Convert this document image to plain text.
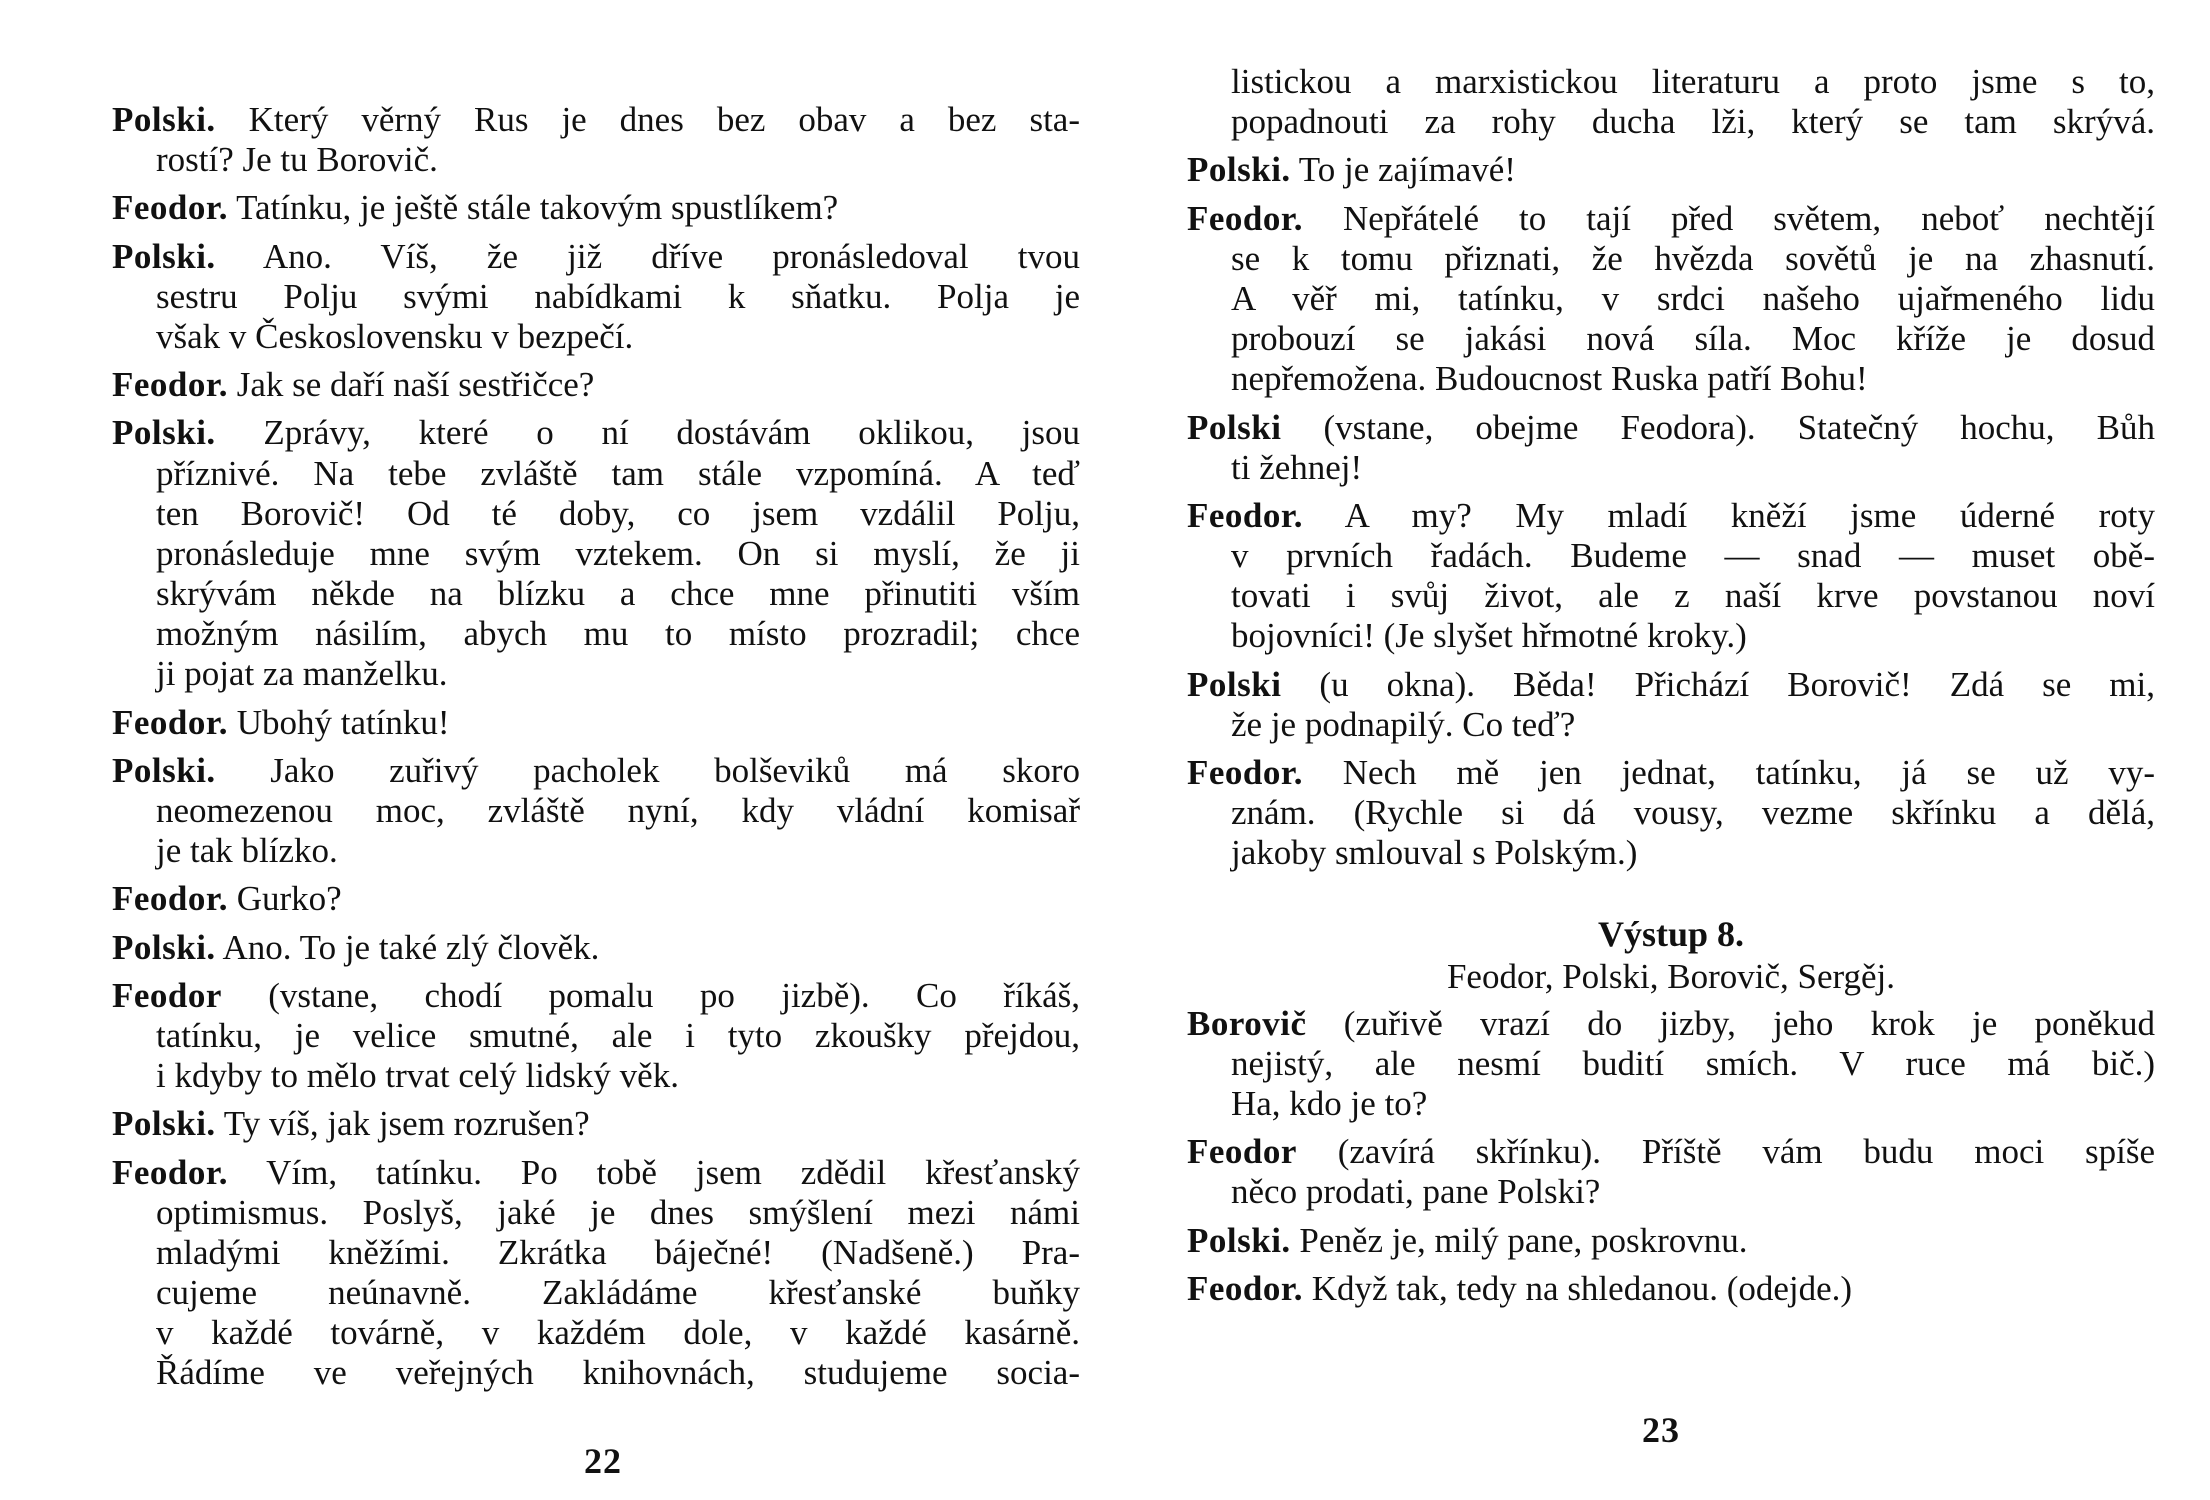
Polski. Který věrný Rus je dnes bez obav a bez sta-
rostí? Je tu Borovič.
Feodor. Tatínku, je ještě stále takovým spustlíkem?
Polski. Ano. Víš, že již dříve pronásledoval tvou
sestru Polju svými nabídkami k sňatku. Polja je
však v Československu v bezpečí.
Feodor. Jak se daří naší sestřičce?
Polski. Zprávy, které o ní dostávám oklikou, jsou
příznivé. Na tebe zvláště tam stále vzpomíná. A teď
ten Borovič! Od té doby, co jsem vzdálil Polju,
pronásleduje mne svým vztekem. On si myslí, že ji
skrývám někde na blízku a chce mne přinutiti vším
možným násilím, abych mu to místo prozradil; chce
ji pojat za manželku.
Feodor. Ubohý tatínku!
Polski. Jako zuřivý pacholek bolševiků má skoro
neomezenou moc, zvláště nyní, kdy vládní komisař
je tak blízko.
Feodor. Gurko?
Polski. Ano. To je také zlý člověk.
Feodor (vstane, chodí pomalu po jizbě). Co říkáš,
tatínku, je velice smutné, ale i tyto zkoušky přejdou,
i kdyby to mělo trvat celý lidský věk.
Polski. Ty víš, jak jsem rozrušen?
Feodor. Vím, tatínku. Po tobě jsem zdědil křesťanský
optimismus. Poslyš, jaké je dnes smýšlení mezi námi
mladými kněžími. Zkrátka báječné! (Nadšeně.) Pra-
cujeme neúnavně. Zakládáme křesťanské buňky
v každé továrně, v každém dole, v každé kasárně.
Řádíme ve veřejných knihovnách, studujeme socia-
22
listickou a marxistickou literaturu a proto jsme s to,
popadnouti za rohy ducha lži, který se tam skrývá.
Polski. To je zajímavé!
Feodor. Nepřátelé to tají před světem, neboť nechtějí
se k tomu přiznati, že hvězda sovětů je na zhasnutí.
A věř mi, tatínku, v srdci našeho ujařmeného lidu
probouzí se jakási nová síla. Moc kříže je dosud
nepřemožena. Budoucnost Ruska patří Bohu!
Polski (vstane, obejme Feodora). Statečný hochu, Bůh
ti žehnej!
Feodor. A my? My mladí kněží jsme úderné roty
v prvních řadách. Budeme — snad — muset obě-
tovati i svůj život, ale z naší krve povstanou noví
bojovníci! (Je slyšet hřmotné kroky.)
Polski (u okna). Běda! Přichází Borovič! Zdá se mi,
že je podnapilý. Co teď?
Feodor. Nech mě jen jednat, tatínku, já se už vy-
znám. (Rychle si dá vousy, vezme skřínku a dělá,
jakoby smlouval s Polským.)
Výstup 8.
Feodor, Polski, Borovič, Sergěj.
Borovič (zuřivě vrazí do jizby, jeho krok je poněkud
nejistý, ale nesmí budití smích. V ruce má bič.)
Ha, kdo je to?
Feodor (zavírá skřínku). Příště vám budu moci spíše
něco prodati, pane Polski?
Polski. Peněz je, milý pane, poskrovnu.
Feodor. Když tak, tedy na shledanou. (odejde.)
23
